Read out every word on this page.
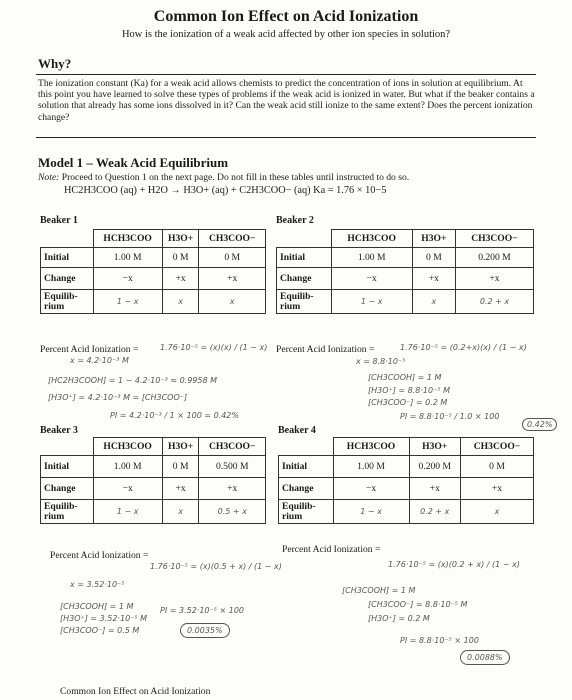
Common Ion Effect on Acid Ionization
How is the ionization of a weak acid affected by other ion species in solution?
Why?
The ionization constant (Ka) for a weak acid allows chemists to predict the concentration of ions in solution at equilibrium. At this point you have learned to solve these types of problems if the weak acid is ionized in water. But what if the beaker contains a solution that already has some ions dissolved in it? Can the weak acid still ionize to the same extent? Does the percent ionization change?
Model 1 – Weak Acid Equilibrium
Note: Proceed to Question 1 on the next page. Do not fill in these tables until instructed to do so.
HC2H3COO (aq) + H2O → H3O+ (aq) + C2H3COO− (aq) Ka = 1.76 × 10−5
Beaker 1
	HCH3COO	H3O+	CH3COO−
Initial	1.00 M	0 M	0 M
Change	−x	+x	+x
Equilib-rium	1 − x	x	x
Beaker 2
	HCH3COO	H3O+	CH3COO−
Initial	1.00 M	0 M	0.200 M
Change	−x	+x	+x
Equilib-rium	1 − x	x	0.2 + x
Percent Acid Ionization =	1.76·10⁻⁵ = (x)(x) / (1 − x)
x = 4.2·10⁻³ M
[HC2H3COOH] = 1 − 4.2·10⁻³ ≈ 0.9958 M
[H3O⁺] = 4.2·10⁻³ M = [CH3COO⁻]
PI = 4.2·10⁻³ / 1 × 100 = 0.42%
Percent Acid Ionization =	1.76·10⁻⁵ = (0.2+x)(x) / (1 − x)
x = 8.8·10⁻⁵
[CH3COOH] = 1 M
[H3O⁺] = 8.8·10⁻⁵ M
[CH3COO⁻] = 0.2 M
PI = 8.8·10⁻⁵ / 1.0 × 100
0.42%
Beaker 3
	HCH3COO	H3O+	CH3COO−
Initial	1.00 M	0 M	0.500 M
Change	−x	+x	+x
Equilib-rium	1 − x	x	0.5 + x
Beaker 4
	HCH3COO	H3O+	CH3COO−
Initial	1.00 M	0.200 M	0 M
Change	−x	+x	+x
Equilib-rium	1 − x	0.2 + x	x
Percent Acid Ionization =
1.76·10⁻⁵ = (x)(0.5 + x) / (1 − x)
x = 3.52·10⁻⁵
[CH3COOH] = 1 M
[H3O⁺] = 3.52·10⁻⁵ M
[CH3COO⁻] = 0.5 M
PI = 3.52·10⁻⁵ × 100
0.0035%
Percent Acid Ionization =
1.76·10⁻⁵ = (x)(0.2 + x) / (1 − x)
[CH3COOH] = 1 M
[CH3COO⁻] = 8.8·10⁻⁵ M
[H3O⁺] = 0.2 M
PI = 8.8·10⁻⁵ × 100
0.0088%
Common Ion Effect on Acid Ionization
